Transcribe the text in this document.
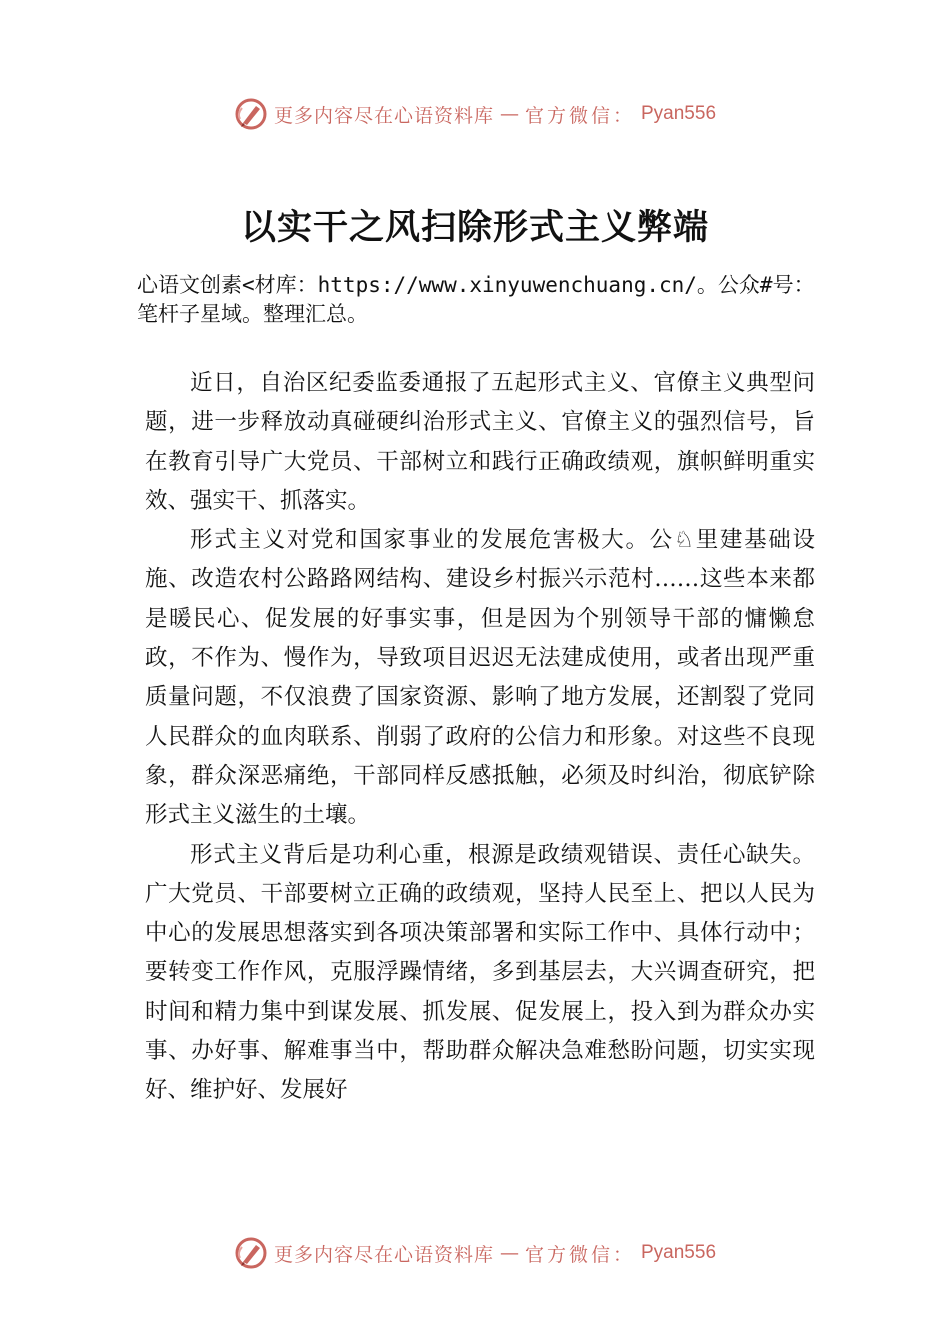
更多内容尽在心语资料库 — 官方微信： Pyan556
以实干之风扫除形式主义弊端
心语文创素<材库：https://www.xinyuwenchuang.cn/。公众#号：笔杆子星域。整理汇总。

近日，自治区纪委监委通报了五起形式主义、官僚主义典型问题，进一步释放动真碰硬纠治形式主义、官僚主义的强烈信号，旨在教育引导广大党员、干部树立和践行正确政绩观，旗帜鲜明重实效、强实干、抓落实。

形式主义对党和国家事业的发展危害极大。公♘里建基础设施、改造农村公路路网结构、建设乡村振兴示范村……这些本来都是暖民心、促发展的好事实事，但是因为个别领导干部的慵懒怠政，不作为、慢作为，导致项目迟迟无法建成使用，或者出现严重质量问题，不仅浪费了国家资源、影响了地方发展，还割裂了党同人民群众的血肉联系、削弱了政府的公信力和形象。对这些不良现象，群众深恶痛绝，干部同样反感抵触，必须及时纠治，彻底铲除形式主义滋生的土壤。

形式主义背后是功利心重，根源是政绩观错误、责任心缺失。广大党员、干部要树立正确的政绩观，坚持人民至上、把以人民为中心的发展思想落实到各项决策部署和实际工作中、具体行动中；要转变工作作风，克服浮躁情绪，多到基层去，大兴调查研究，把时间和精力集中到谋发展、抓发展、促发展上，投入到为群众办实事、办好事、解难事当中，帮助群众解决急难愁盼问题，切实实现好、维护好、发展好

更多内容尽在心语资料库 — 官方微信： Pyan556
